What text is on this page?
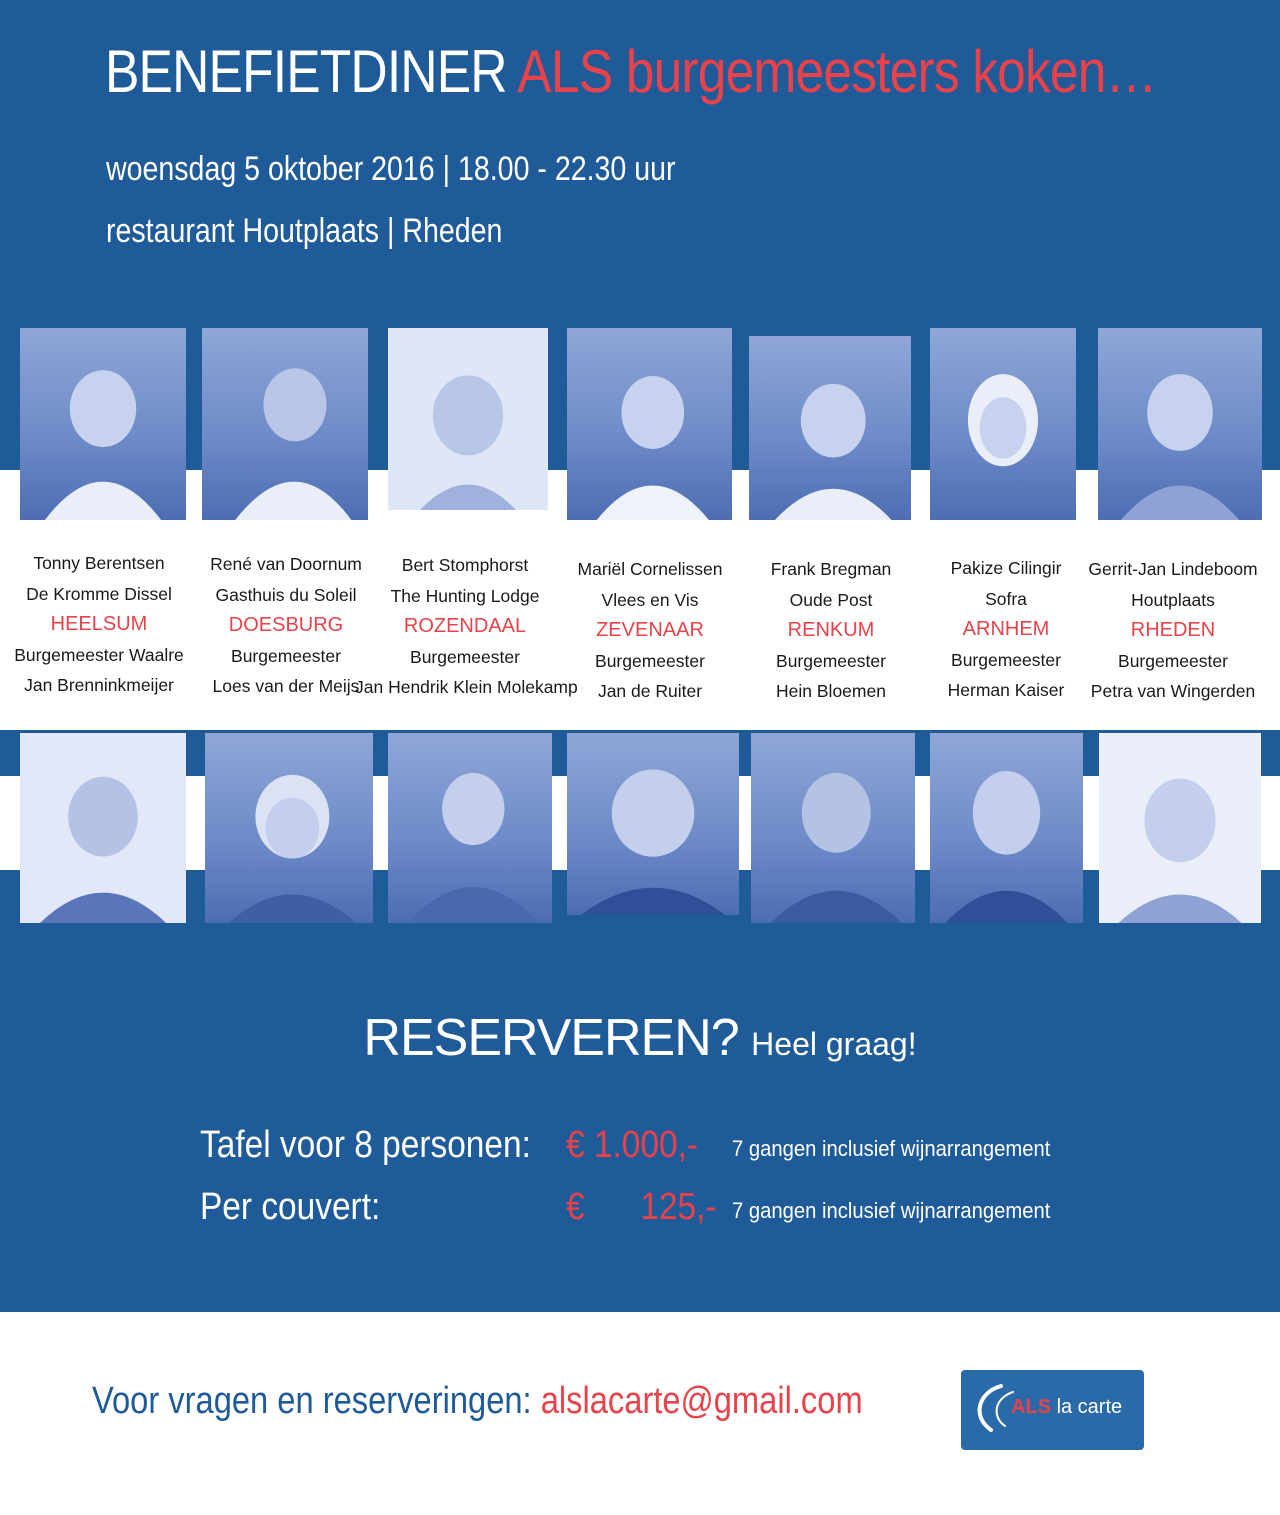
BENEFIETDINER ALS burgemeesters koken…
woensdag 5 oktober 2016 | 18.00 - 22.30 uur
restaurant Houtplaats | Rheden
Tonny Berentsen
De Kromme Dissel
HEELSUM
Burgemeester Waalre
Jan Brenninkmeijer
René van Doornum
Gasthuis du Soleil
DOESBURG
Burgemeester
Loes van der Meijs
Bert Stomphorst
The Hunting Lodge
ROZENDAAL
Burgemeester
Jan Hendrik Klein Molekamp
Mariël Cornelissen
Vlees en Vis
ZEVENAAR
Burgemeester
Jan de Ruiter
Frank Bregman
Oude Post
RENKUM
Burgemeester
Hein Bloemen
Pakize Cilingir
Sofra
ARNHEM
Burgemeester
Herman Kaiser
Gerrit-Jan Lindeboom
Houtplaats
RHEDEN
Burgemeester
Petra van Wingerden
RESERVEREN? Heel graag!
Tafel voor 8 personen: € 1.000,- 7 gangen inclusief wijnarrangement
Per couvert:	€      125,- 7 gangen inclusief wijnarrangement
Voor vragen en reserveringen: alslacarte@gmail.com	ALS la carte
